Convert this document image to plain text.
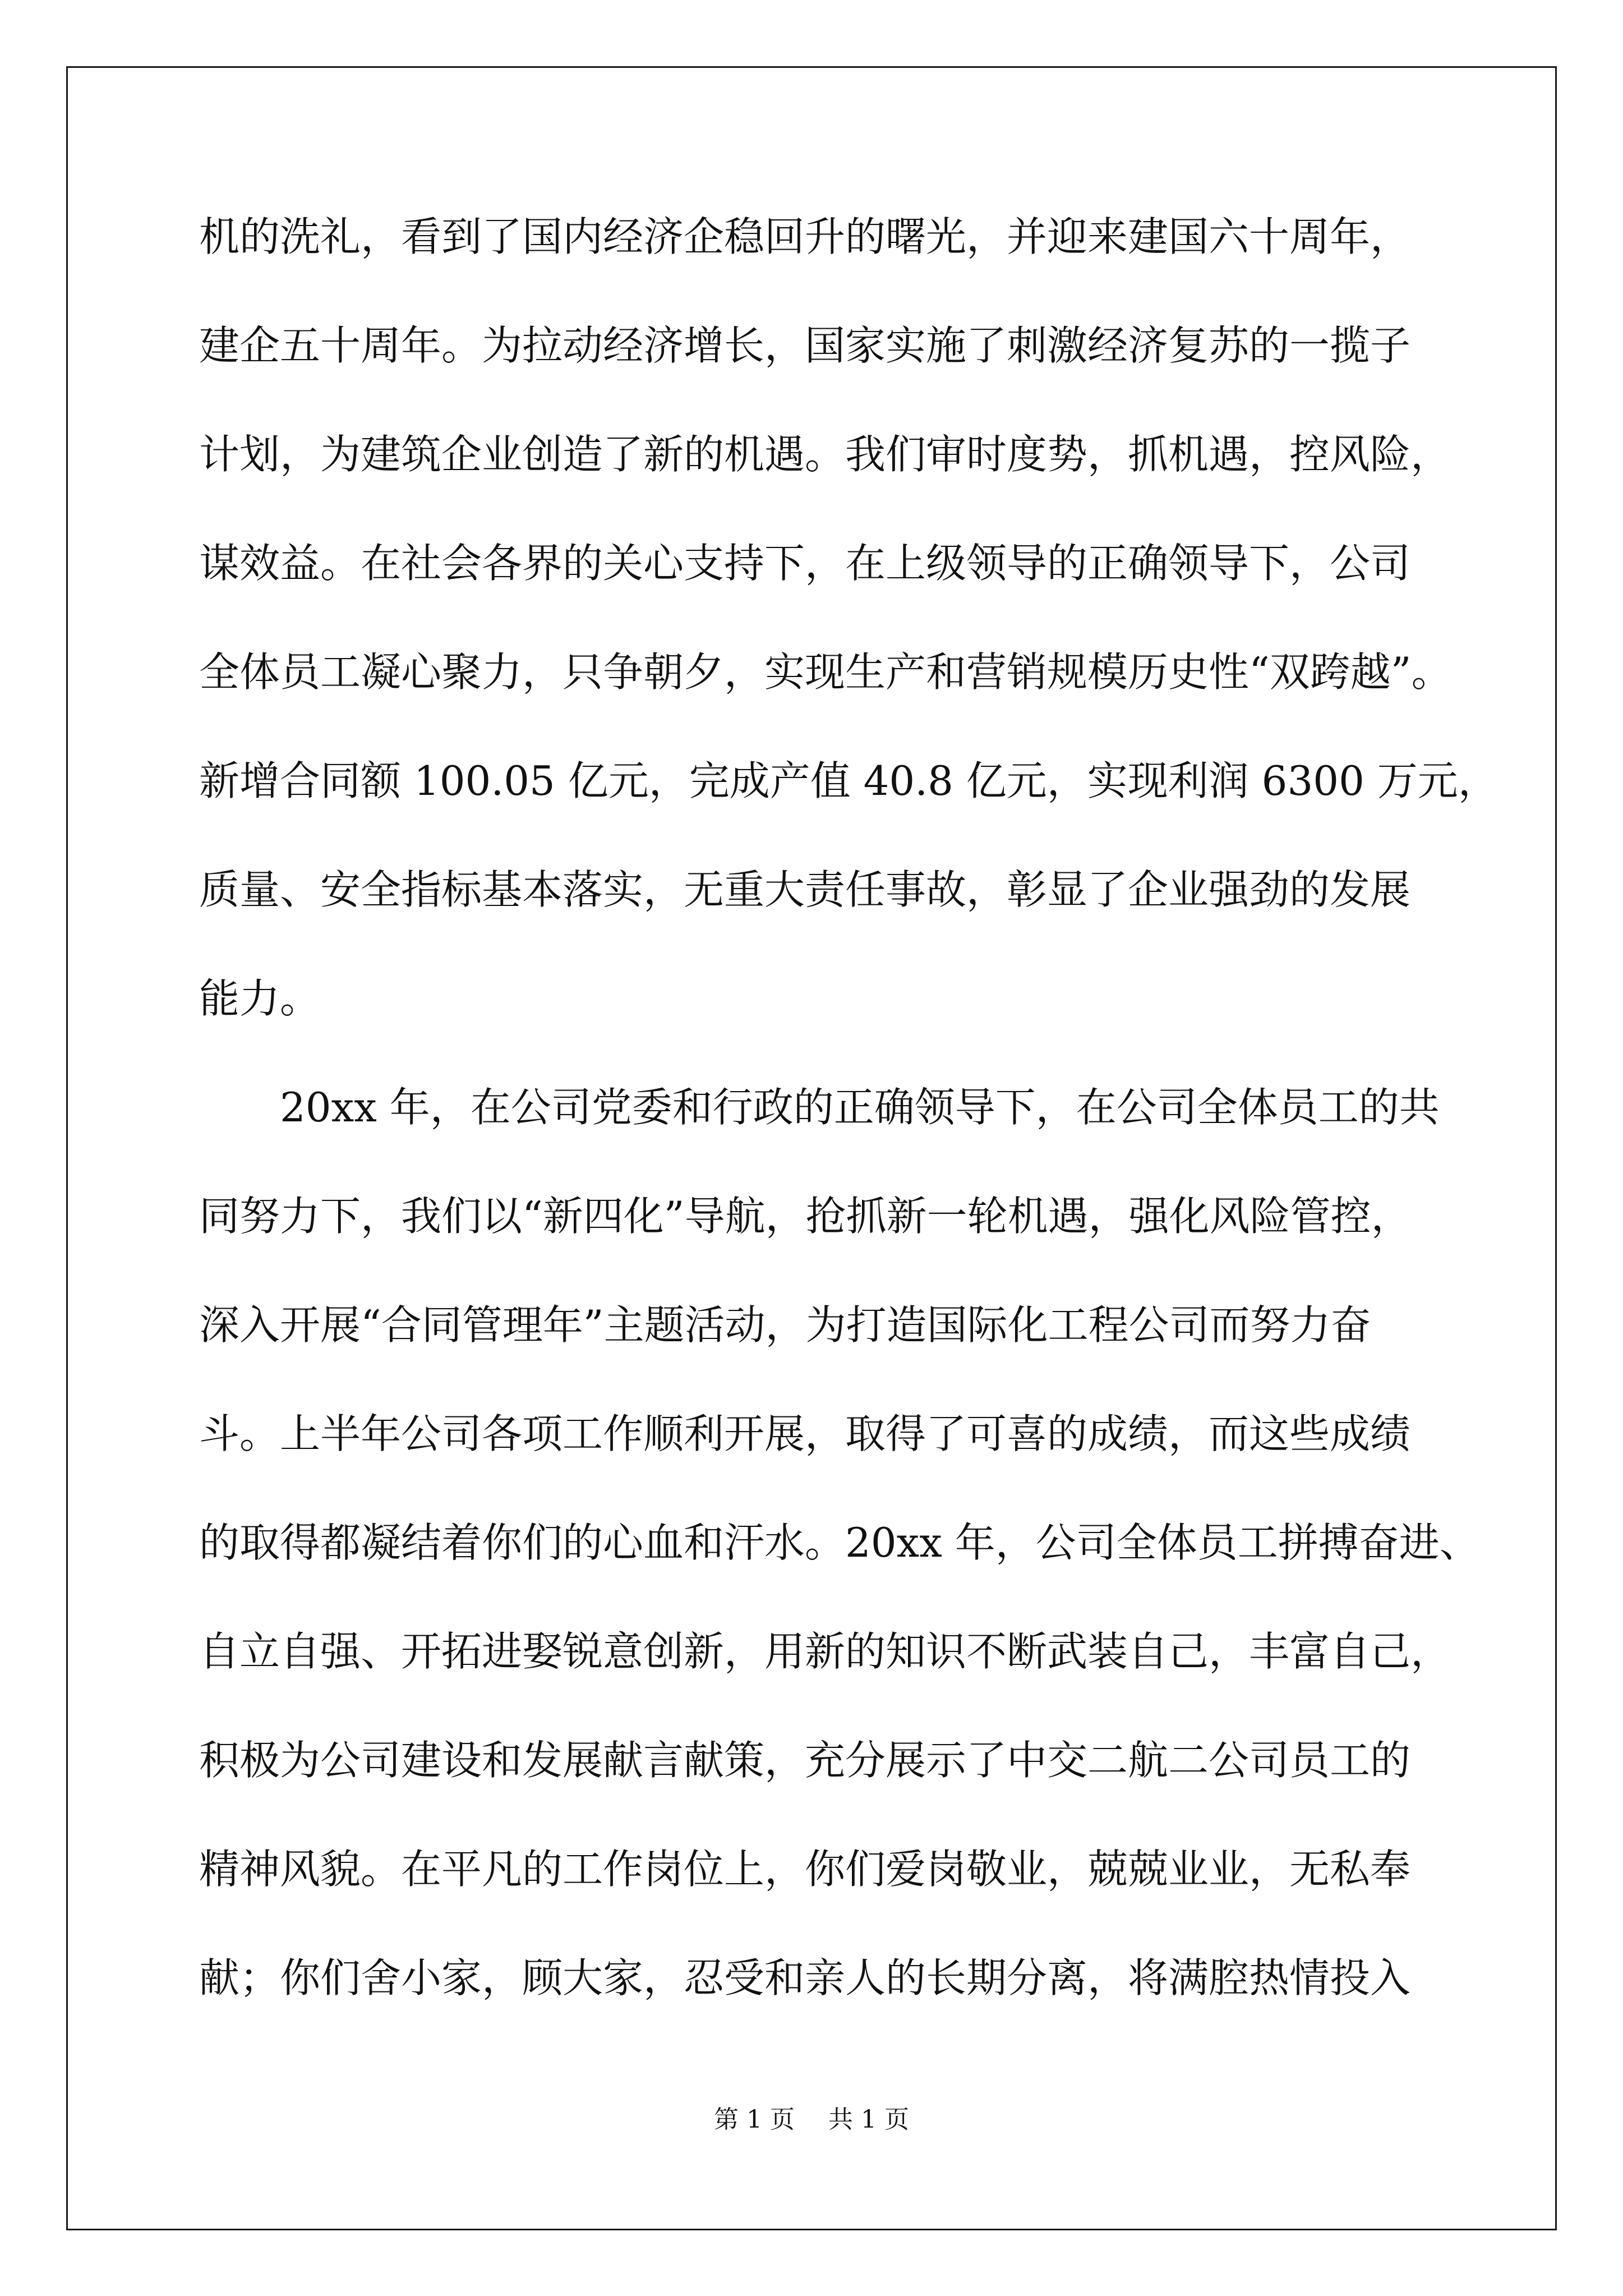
机的洗礼，看到了国内经济企稳回升的曙光，并迎来建国六十周年，
建企五十周年。为拉动经济增长，国家实施了刺激经济复苏的一揽子
计划，为建筑企业创造了新的机遇。我们审时度势，抓机遇，控风险，
谋效益。在社会各界的关心支持下，在上级领导的正确领导下，公司
全体员工凝心聚力，只争朝夕，实现生产和营销规模历史性“双跨越”。
新增合同额 100.05 亿元，完成产值 40.8 亿元，实现利润 6300 万元，
质量、安全指标基本落实，无重大责任事故，彰显了企业强劲的发展
能力。
20xx 年，在公司党委和行政的正确领导下，在公司全体员工的共
同努力下，我们以“新四化”导航，抢抓新一轮机遇，强化风险管控，
深入开展“合同管理年”主题活动，为打造国际化工程公司而努力奋
斗。上半年公司各项工作顺利开展，取得了可喜的成绩，而这些成绩
的取得都凝结着你们的心血和汗水。20xx 年，公司全体员工拼搏奋进、
自立自强、开拓进娶锐意创新，用新的知识不断武装自己，丰富自己，
积极为公司建设和发展献言献策，充分展示了中交二航二公司员工的
精神风貌。在平凡的工作岗位上，你们爱岗敬业，兢兢业业，无私奉
献；你们舍小家，顾大家，忍受和亲人的长期分离，将满腔热情投入
第 1 页 共 1 页
